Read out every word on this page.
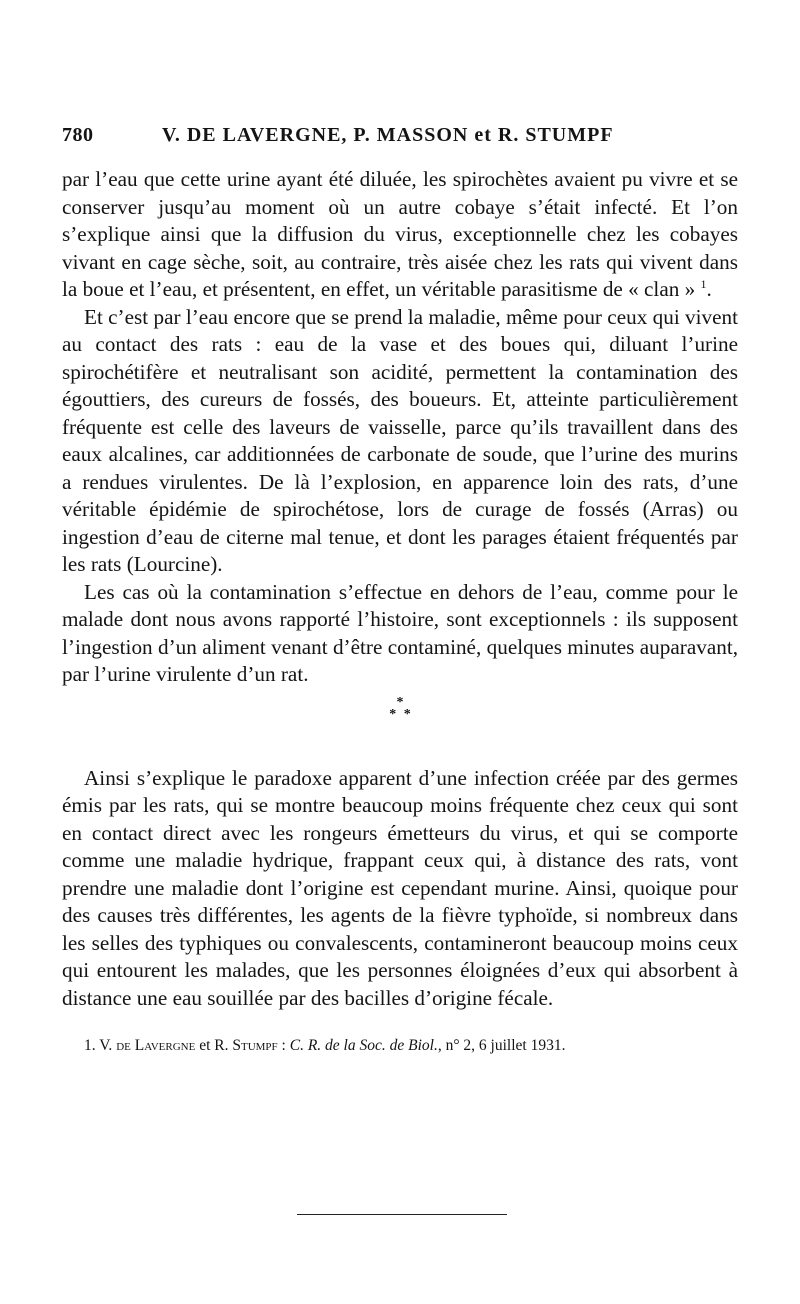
780	V. DE LAVERGNE, P. MASSON et R. STUMPF

par l’eau que cette urine ayant été diluée, les spirochètes avaient pu vivre et se conserver jusqu’au moment où un autre cobaye s’était infecté. Et l’on s’explique ainsi que la diffusion du virus, exceptionnelle chez les cobayes vivant en cage sèche, soit, au contraire, très aisée chez les rats qui vivent dans la boue et l’eau, et présentent, en effet, un véritable parasitisme de « clan » $^1$.

Et c’est par l’eau encore que se prend la maladie, même pour ceux qui vivent au contact des rats : eau de la vase et des boues qui, diluant l’urine spirochétifère et neutralisant son acidité, permettent la contamination des égouttiers, des cureurs de fossés, des boueurs. Et, atteinte particulièrement fréquente est celle des laveurs de vaisselle, parce qu’ils travaillent dans des eaux alcalines, car additionnées de carbonate de soude, que l’urine des murins a rendues virulentes. De là l’explosion, en apparence loin des rats, d’une véritable épidémie de spirochétose, lors de curage de fossés (Arras) ou ingestion d’eau de citerne mal tenue, et dont les parages étaient fréquentés par les rats (Lourcine).

Les cas où la contamination s’effectue en dehors de l’eau, comme pour le malade dont nous avons rapporté l’histoire, sont exceptionnels : ils supposent l’ingestion d’un aliment venant d’être contaminé, quelques minutes auparavant, par l’urine virulente d’un rat.

*
* *

Ainsi s’explique le paradoxe apparent d’une infection créée par des germes émis par les rats, qui se montre beaucoup moins fréquente chez ceux qui sont en contact direct avec les rongeurs émetteurs du virus, et qui se comporte comme une maladie hydrique, frappant ceux qui, à distance des rats, vont prendre une maladie dont l’origine est cependant murine. Ainsi, quoique pour des causes très différentes, les agents de la fièvre typhoïde, si nombreux dans les selles des typhiques ou convalescents, contamineront beaucoup moins ceux qui entourent les malades, que les personnes éloignées d’eux qui absorbent à distance une eau souillée par des bacilles d’origine fécale.

1. V. de Lavergne et R. Stumpf : C. R. de la Soc. de Biol., n° 2, 6 juillet 1931.
